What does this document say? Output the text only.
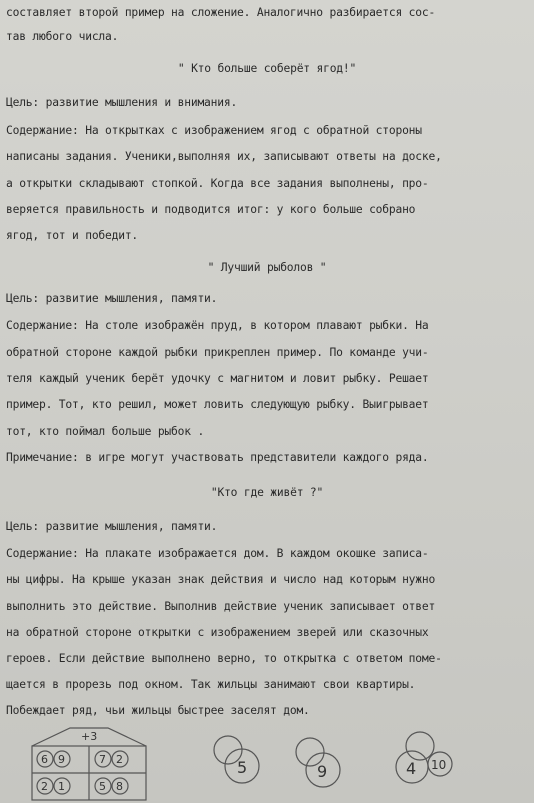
составляет второй пример на сложение. Аналогично разбирается сос-
тав любого числа.
" Кто больше соберёт ягод!"
Цель: развитие мышления и внимания.
Содержание: На открытках с изображением ягод с обратной стороны
написаны задания. Ученики,выполняя их, записывают ответы на доске,
а открытки складывают стопкой. Когда все задания выполнены, про-
веряется правильность и подводится итог: у кого больше собрано
ягод, тот и победит.
" Лучший рыболов "
Цель: развитие мышления, памяти.
Содержание: На столе изображён пруд, в котором плавают рыбки. На
обратной стороне каждой рыбки прикреплен пример. По команде учи-
теля каждый ученик берёт удочку с магнитом и ловит рыбку. Решает
пример. Тот, кто решил, может ловить следующую рыбку. Выигрывает
тот, кто поймал больше рыбок .
Примечание: в игре могут участвовать представители каждого ряда.
"Кто где живёт ?"
Цель: развитие мышления, памяти.
Содержание: На плакате изображается дом. В каждом окошке записа-
ны цифры. На крыше указан знак действия и число над которым нужно
выполнить это действие. Выполнив действие ученик записывает ответ
на обратной стороне открытки с изображением зверей или сказочных
героев. Если действие выполнено верно, то открытка с ответом поме-
щается в прорезь под окном. Так жильцы занимают свои квартиры.
Побеждает ряд, чьи жильцы быстрее заселят дом.
+3
6 9	7 2
2 1	5 8
5	9	4 10
